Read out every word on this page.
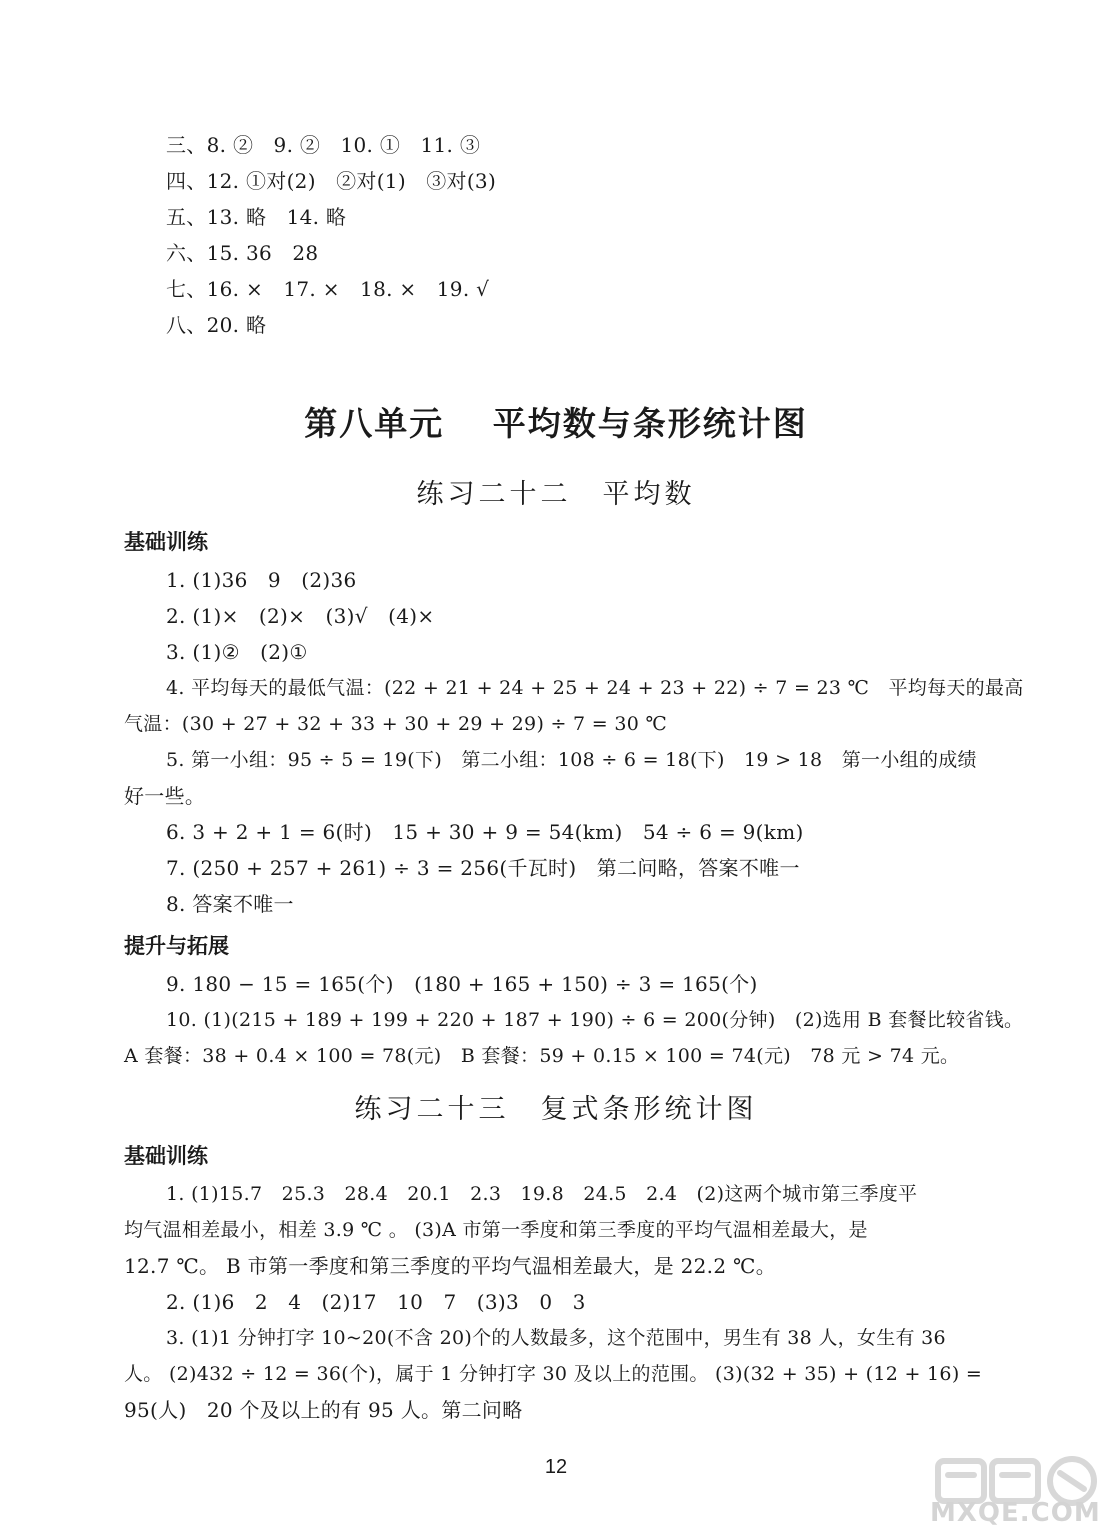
三、8. ②　9. ②　10. ①　11. ③
四、12. ①对(2)　②对(1)　③对(3)
五、13. 略　14. 略
六、15. 36　28
七、16. ×　17. ×　18. ×　19. √
八、20. 略
第八单元　 平均数与条形统计图
练习二十二　平均数
基础训练
1. (1)36　9　(2)36
2. (1)×　(2)×　(3)√　(4)×
3. (1)②　(2)①
4. 平均每天的最低气温：(22 + 21 + 24 + 25 + 24 + 23 + 22) ÷ 7 = 23 ℃　平均每天的最高
气温：(30 + 27 + 32 + 33 + 30 + 29 + 29) ÷ 7 = 30 ℃
5. 第一小组：95 ÷ 5 = 19(下)　第二小组：108 ÷ 6 = 18(下)　19 > 18　第一小组的成绩
好一些。
6. 3 + 2 + 1 = 6(时)　15 + 30 + 9 = 54(km)　54 ÷ 6 = 9(km)
7. (250 + 257 + 261) ÷ 3 = 256(千瓦时)　第二问略，答案不唯一
8. 答案不唯一
提升与拓展
9. 180 − 15 = 165(个)　(180 + 165 + 150) ÷ 3 = 165(个)
10. (1)(215 + 189 + 199 + 220 + 187 + 190) ÷ 6 = 200(分钟)　(2)选用 B 套餐比较省钱。
A 套餐：38 + 0.4 × 100 = 78(元)　B 套餐：59 + 0.15 × 100 = 74(元)　78 元 > 74 元。
练习二十三　复式条形统计图
基础训练
1. (1)15.7　25.3　28.4　20.1　2.3　19.8　24.5　2.4　(2)这两个城市第三季度平
均气温相差最小，相差 3.9 ℃ 。 (3)A 市第一季度和第三季度的平均气温相差最大，是
12.7 ℃。 B 市第一季度和第三季度的平均气温相差最大，是 22.2 ℃。
2. (1)6　2　4　(2)17　10　7　(3)3　0　3
3. (1)1 分钟打字 10~20(不含 20)个的人数最多，这个范围中，男生有 38 人，女生有 36
人。 (2)432 ÷ 12 = 36(个)，属于 1 分钟打字 30 及以上的范围。 (3)(32 + 35) + (12 + 16) =
95(人)　20 个及以上的有 95 人。第二问略
12
MXQE.COM
